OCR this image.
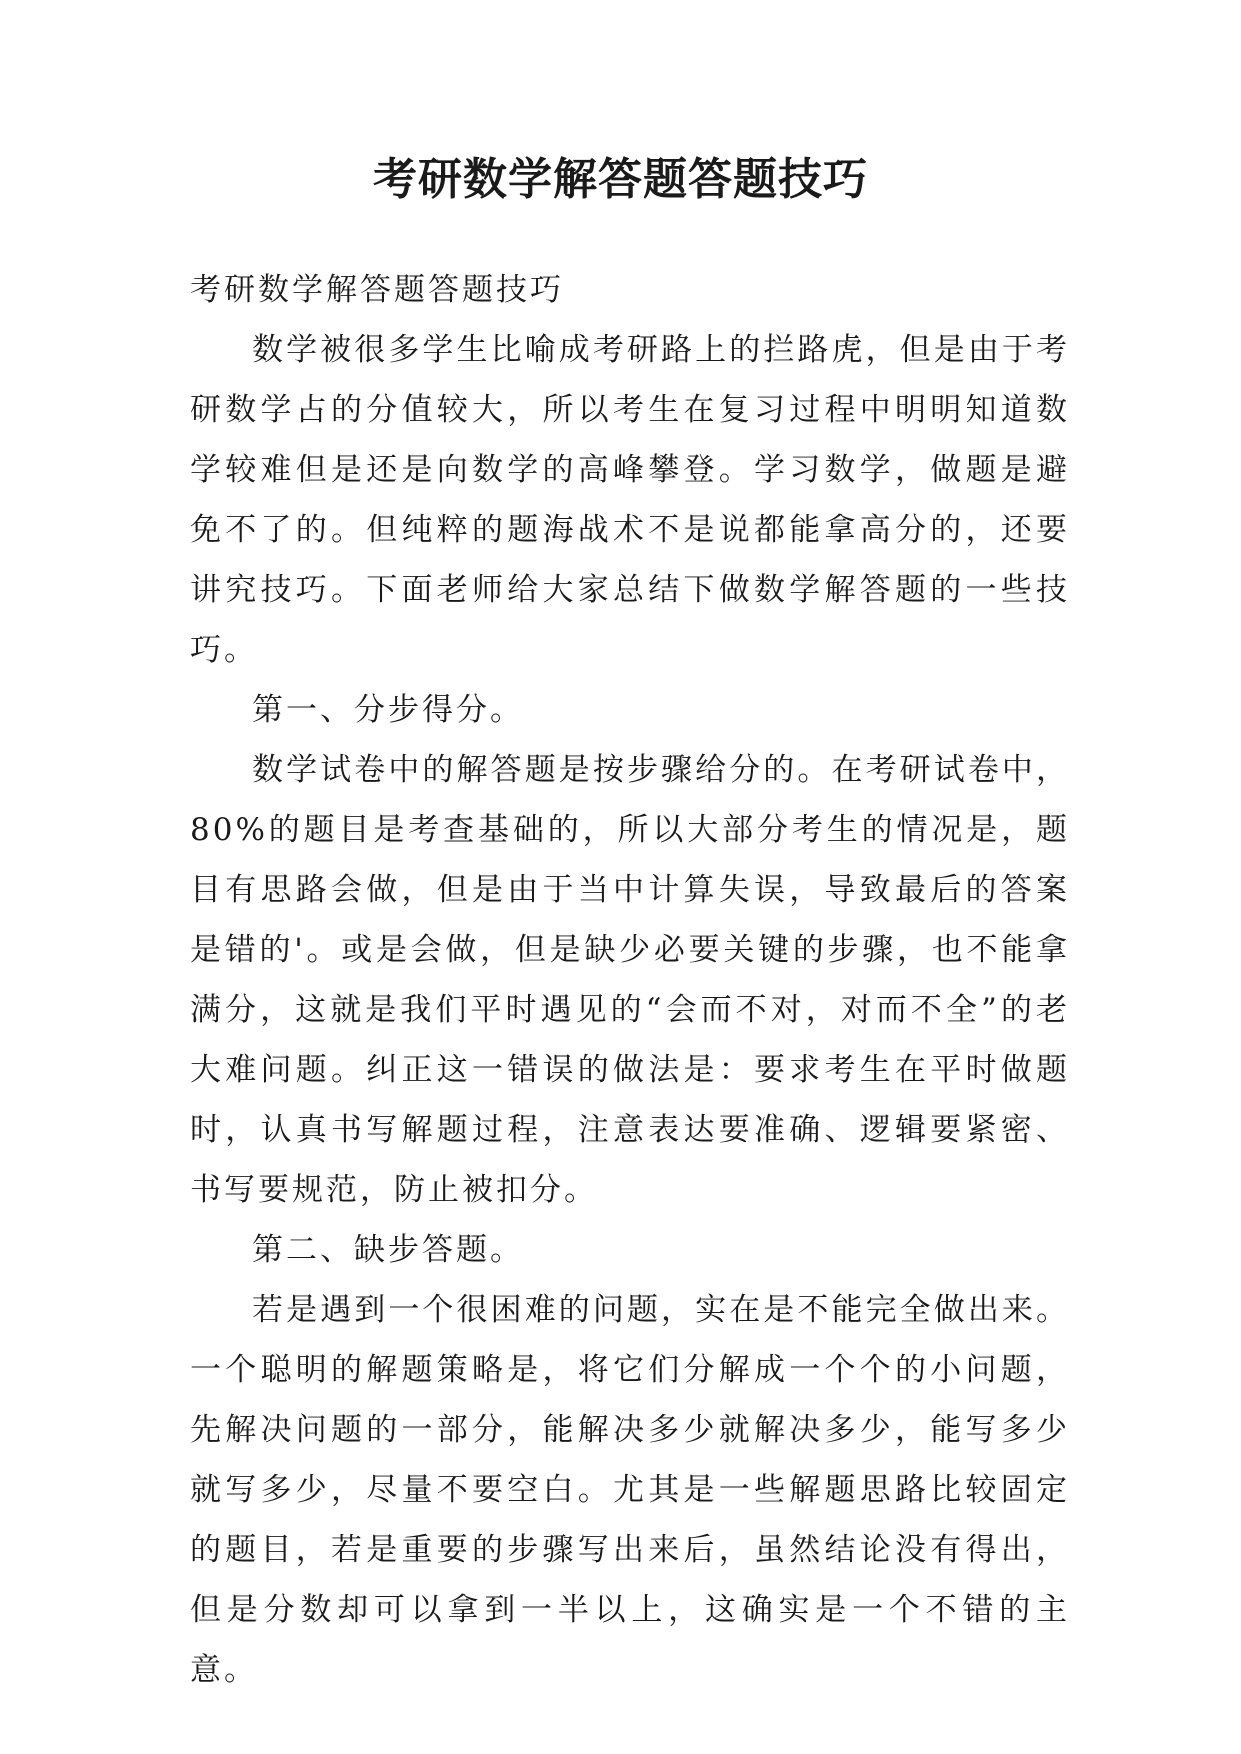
考研数学解答题答题技巧

考研数学解答题答题技巧

数学被很多学生比喻成考研路上的拦路虎，但是由于考研数学占的分值较大，所以考生在复习过程中明明知道数学较难但是还是向数学的高峰攀登。学习数学，做题是避免不了的。但纯粹的题海战术不是说都能拿高分的，还要讲究技巧。下面老师给大家总结下做数学解答题的一些技巧。

第一、分步得分。

数学试卷中的解答题是按步骤给分的。在考研试卷中，80%的题目是考查基础的，所以大部分考生的情况是，题目有思路会做，但是由于当中计算失误，导致最后的答案是错的'。或是会做，但是缺少必要关键的步骤，也不能拿满分，这就是我们平时遇见的“会而不对，对而不全”的老大难问题。纠正这一错误的做法是：要求考生在平时做题时，认真书写解题过程，注意表达要准确、逻辑要紧密、书写要规范，防止被扣分。

第二、缺步答题。

若是遇到一个很困难的问题，实在是不能完全做出来。一个聪明的解题策略是，将它们分解成一个个的小问题，先解决问题的一部分，能解决多少就解决多少，能写多少就写多少，尽量不要空白。尤其是一些解题思路比较固定的题目，若是重要的步骤写出来后，虽然结论没有得出，但是分数却可以拿到一半以上，这确实是一个不错的主意。
